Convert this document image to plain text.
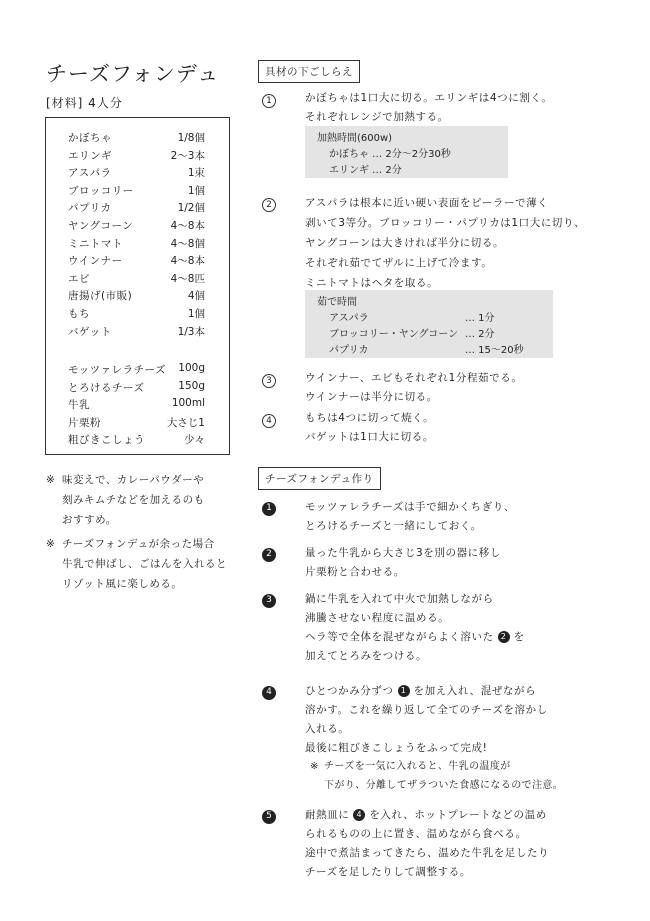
チーズフォンデュ
[材料] 4人分
かぼちゃ	1/8個
エリンギ	2〜3本
アスパラ	1束
ブロッコリー	1個
パプリカ	1/2個
ヤングコーン	4〜8本
ミニトマト	4〜8個
ウインナー	4〜8本
エビ	4〜8匹
唐揚げ(市販)	4個
もち	1個
バゲット	1/3本
モッツァレラチーズ 100g
とろけるチーズ	150g
牛乳	100ml
片栗粉	大さじ1
粗びきこしょう	少々
※ 味変えで、カレーパウダーや
刻みキムチなどを加えるのも
おすすめ。
※ チーズフォンデュが余った場合
牛乳で伸ばし、ごはんを入れると
リゾット風に楽しめる。
具材の下ごしらえ
1	かぼちゃは1口大に切る。エリンギは4つに割く。
それぞれレンジで加熱する。
加熱時間(600w)
かぼちゃ … 2分〜2分30秒
エリンギ … 2分
2	アスパラは根本に近い硬い表面をピーラーで薄く
剥いて3等分。ブロッコリー・パプリカは1口大に切り、
ヤングコーンは大きければ半分に切る。
それぞれ茹でてザルに上げて冷ます。
ミニトマトはヘタを取る。
茹で時間
アスパラ	… 1分
ブロッコリー・ヤングコーン … 2分
パプリカ	… 15〜20秒
3	ウインナー、エビもそれぞれ1分程茹でる。
ウインナーは半分に切る。
4	もちは4つに切って焼く。
バゲットは1口大に切る。
チーズフォンデュ作り
1	モッツァレラチーズは手で細かくちぎり、
とろけるチーズと一緒にしておく。
2	量った牛乳から大さじ3を別の器に移し
片栗粉と合わせる。
3	鍋に牛乳を入れて中火で加熱しながら
沸騰させない程度に温める。
ヘラ等で全体を混ぜながらよく溶いた 2 を
加えてとろみをつける。
4	ひとつかみ分ずつ 1 を加え入れ、混ぜながら
溶かす。これを繰り返して全てのチーズを溶かし
入れる。
最後に粗びきこしょうをふって完成!
※ チーズを一気に入れると、牛乳の温度が
下がり、分離してザラついた食感になるので注意。
5	耐熱皿に 4 を入れ、ホットプレートなどの温め
られるものの上に置き、温めながら食べる。
途中で煮詰まってきたら、温めた牛乳を足したり
チーズを足したりして調整する。
